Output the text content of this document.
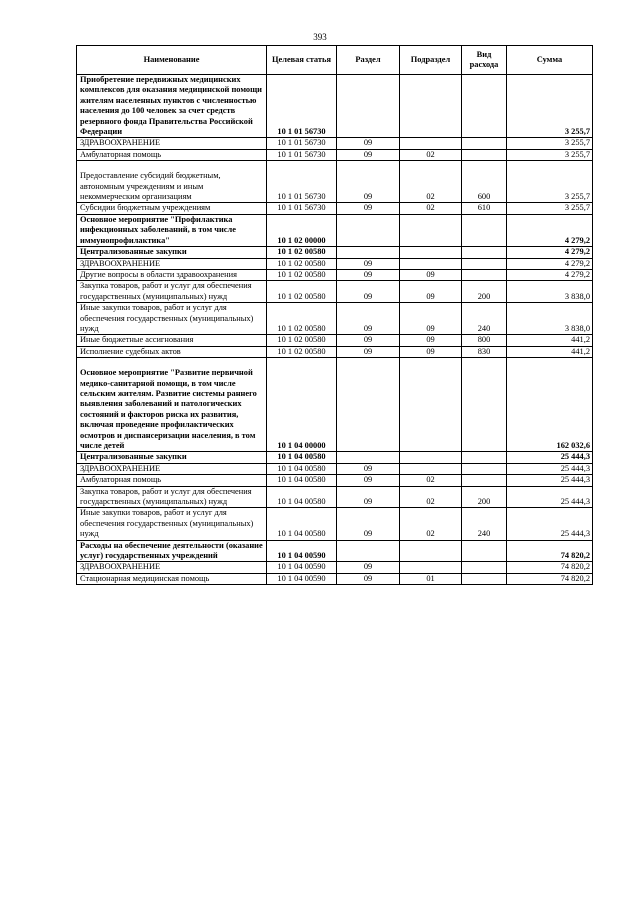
393
Наименование	Целевая статья	Раздел	Подраздел	Вид расхода	Сумма
Приобретение передвижных медицинских комплексов для оказания медицинской помощи жителям населенных пунктов с численностью населения до 100 человек за счет средств резервного фонда Правительства Российской Федерации	10 1 01 56730				3 255,7
ЗДРАВООХРАНЕНИЕ	10 1 01 56730	09			3 255,7
Амбулаторная помощь	10 1 01 56730	09	02		3 255,7
Предоставление субсидий бюджетным, автономным учреждениям и иным некоммерческим организациям	10 1 01 56730	09	02	600	3 255,7
Субсидии бюджетным учреждениям	10 1 01 56730	09	02	610	3 255,7
Основное мероприятие "Профилактика инфекционных заболеваний, в том числе иммунопрофилактика"	10 1 02 00000				4 279,2
Централизованные закупки	10 1 02 00580				4 279,2
ЗДРАВООХРАНЕНИЕ	10 1 02 00580	09			4 279,2
Другие вопросы в области здравоохранения	10 1 02 00580	09	09		4 279,2
Закупка товаров, работ и услуг для обеспечения государственных (муниципальных) нужд	10 1 02 00580	09	09	200	3 838,0
Иные закупки товаров, работ и услуг для обеспечения государственных (муниципальных) нужд	10 1 02 00580	09	09	240	3 838,0
Иные бюджетные ассигнования	10 1 02 00580	09	09	800	441,2
Исполнение судебных актов	10 1 02 00580	09	09	830	441,2
Основное мероприятие "Развитие первичной медико-санитарной помощи, в том числе сельским жителям. Развитие системы раннего выявления заболеваний и патологических состояний и факторов риска их развития, включая проведение профилактических осмотров и диспансеризации населения, в том числе детей	10 1 04 00000				162 032,6
Централизованные закупки	10 1 04 00580				25 444,3
ЗДРАВООХРАНЕНИЕ	10 1 04 00580	09			25 444,3
Амбулаторная помощь	10 1 04 00580	09	02		25 444,3
Закупка товаров, работ и услуг для обеспечения государственных (муниципальных) нужд	10 1 04 00580	09	02	200	25 444,3
Иные закупки товаров, работ и услуг для обеспечения государственных (муниципальных) нужд	10 1 04 00580	09	02	240	25 444,3
Расходы на обеспечение деятельности (оказание услуг) государственных учреждений	10 1 04 00590				74 820,2
ЗДРАВООХРАНЕНИЕ	10 1 04 00590	09			74 820,2
Стационарная медицинская помощь	10 1 04 00590	09	01		74 820,2
